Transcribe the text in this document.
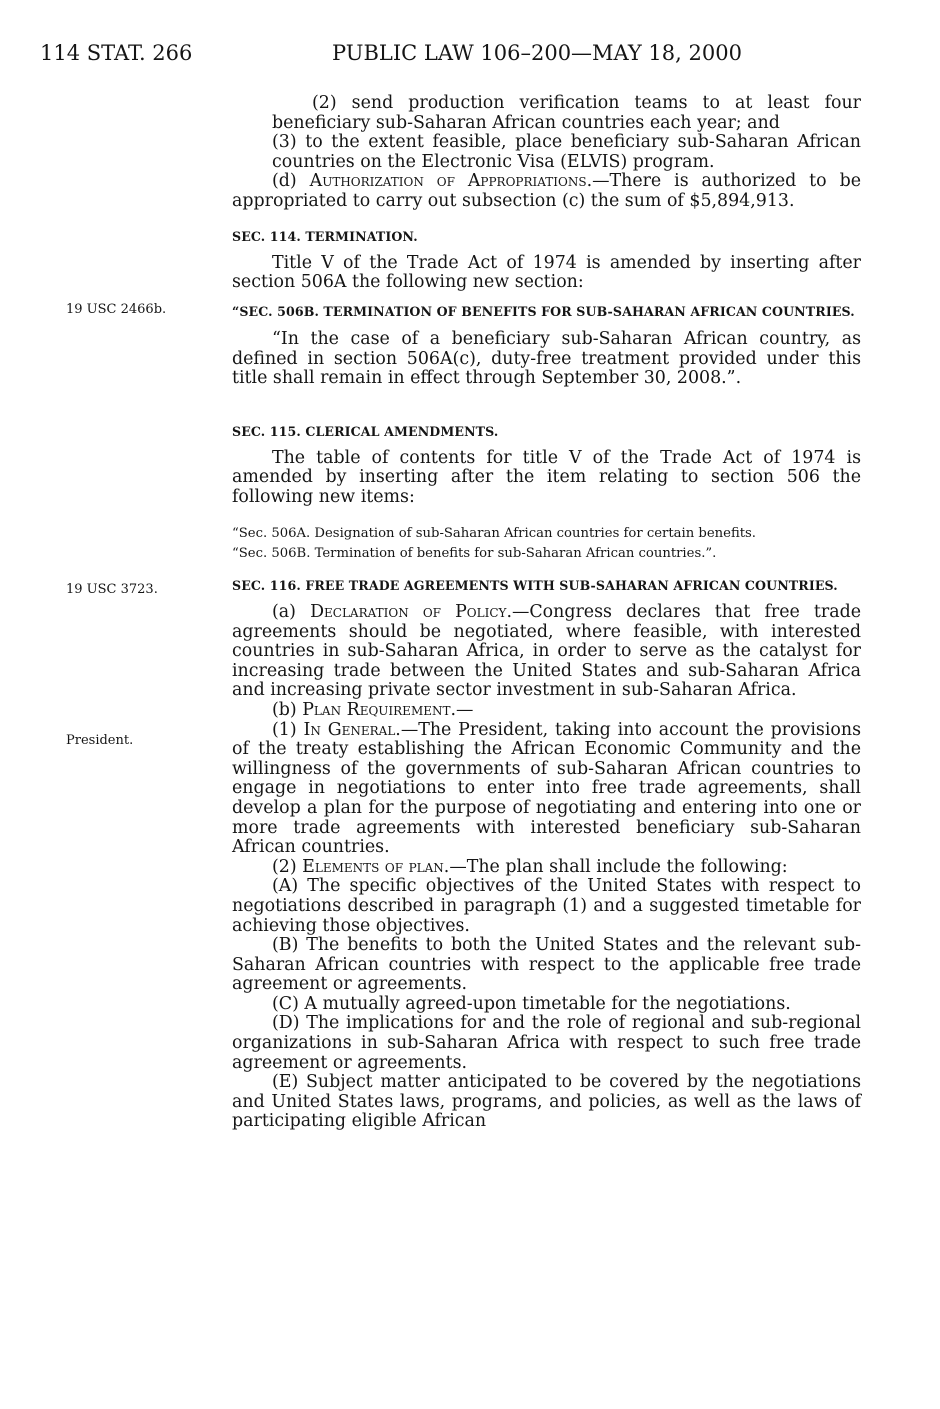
114 STAT. 266	PUBLIC LAW 106–200—MAY 18, 2000
19 USC 2466b.
19 USC 3723.
President.

(2) send production verification teams to at least four beneficiary sub-Saharan African countries each year; and

(3) to the extent feasible, place beneficiary sub-Saharan African countries on the Electronic Visa (ELVIS) program.

(d) Authorization of Appropriations.—There is authorized to be appropriated to carry out subsection (c) the sum of $5,894,913.

SEC. 114. TERMINATION.

Title V of the Trade Act of 1974 is amended by inserting after section 506A the following new section:

“SEC. 506B. TERMINATION OF BENEFITS FOR SUB-SAHARAN AFRICAN COUNTRIES.

“In the case of a beneficiary sub-Saharan African country, as defined in section 506A(c), duty-free treatment provided under this title shall remain in effect through September 30, 2008.”.

SEC. 115. CLERICAL AMENDMENTS.

The table of contents for title V of the Trade Act of 1974 is amended by inserting after the item relating to section 506 the following new items:

“Sec. 506A. Designation of sub-Saharan African countries for certain benefits.

“Sec. 506B. Termination of benefits for sub-Saharan African countries.”.

SEC. 116. FREE TRADE AGREEMENTS WITH SUB-SAHARAN AFRICAN COUNTRIES.

(a) Declaration of Policy.—Congress declares that free trade agreements should be negotiated, where feasible, with interested countries in sub-Saharan Africa, in order to serve as the catalyst for increasing trade between the United States and sub-Saharan Africa and increasing private sector investment in sub-Saharan Africa.

(b) Plan Requirement.—

(1) In General.—The President, taking into account the provisions of the treaty establishing the African Economic Community and the willingness of the governments of sub-Saharan African countries to engage in negotiations to enter into free trade agreements, shall develop a plan for the purpose of negotiating and entering into one or more trade agreements with interested beneficiary sub-Saharan African countries.

(2) Elements of plan.—The plan shall include the following:

(A) The specific objectives of the United States with respect to negotiations described in paragraph (1) and a suggested timetable for achieving those objectives.

(B) The benefits to both the United States and the relevant sub-Saharan African countries with respect to the applicable free trade agreement or agreements.

(C) A mutually agreed-upon timetable for the negotiations.

(D) The implications for and the role of regional and sub-regional organizations in sub-Saharan Africa with respect to such free trade agreement or agreements.

(E) Subject matter anticipated to be covered by the negotiations and United States laws, programs, and policies, as well as the laws of participating eligible African
